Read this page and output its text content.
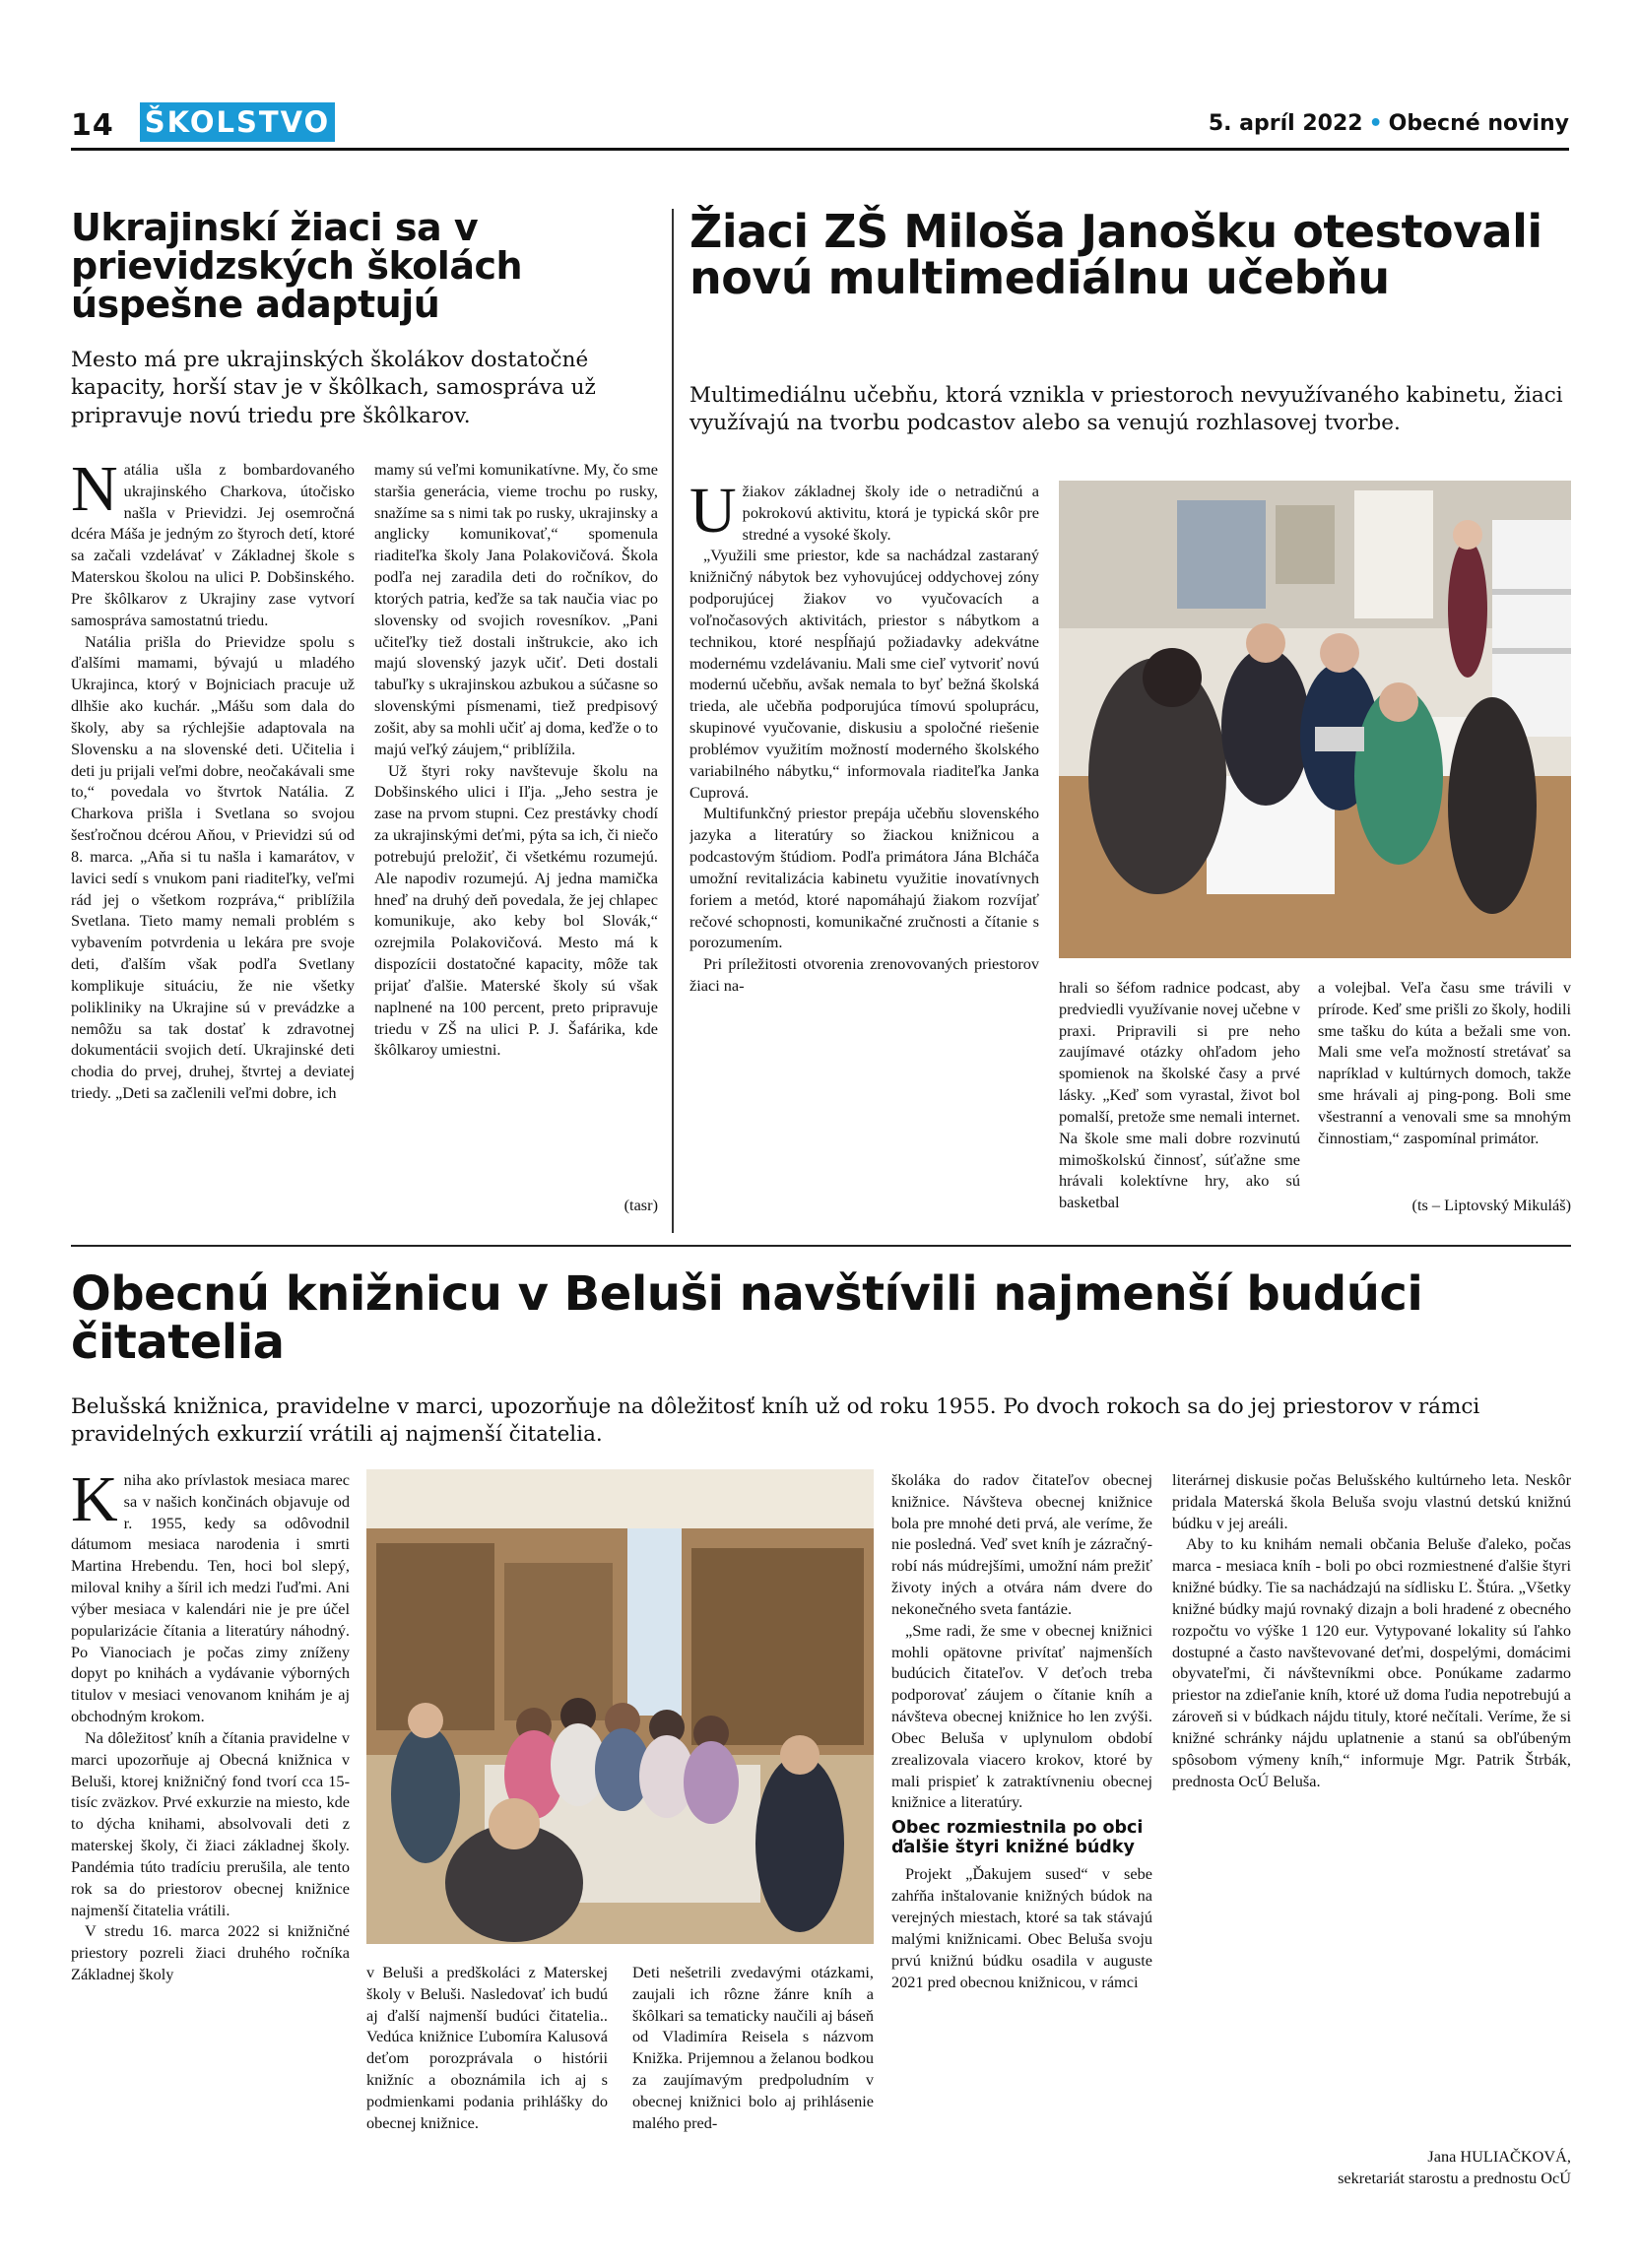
14 ŠKOLSTVO	5. apríl 2022 • Obecné noviny
Ukrajinskí žiaci sa v prievidzských školách úspešne adaptujú
Mesto má pre ukrajinských školákov dostatočné kapacity, horší stav je v škôlkach, samospráva už pripravuje novú triedu pre škôlkarov.
N atália ušla z bombardovaného ukrajinského Charkova, útočisko našla v Prievidzi. Jej osemročná dcéra Máša je jedným zo štyroch detí, ktoré sa začali vzdelávať v Základnej škole s Materskou školou na ulici P. Dobšinského. Pre škôlkarov z Ukrajiny zase vytvorí samospráva samostatnú triedu.

Natália prišla do Prievidze spolu s ďalšími mamami, bývajú u mladého Ukrajinca, ktorý v Bojniciach pracuje už dlhšie ako kuchár. „Mášu som dala do školy, aby sa rýchlejšie adaptovala na Slovensku a na slovenské deti. Učitelia i deti ju prijali veľmi dobre, neočakávali sme to,“ povedala vo štvrtok Natália. Z Charkova prišla i Svetlana so svojou šesťročnou dcérou Aňou, v Prievidzi sú od 8. marca. „Aňa si tu našla i kamarátov, v lavici sedí s vnukom pani riaditeľky, veľmi rád jej o všetkom rozpráva,“ priblížila Svetlana. Tieto mamy nemali problém s vybavením potvrdenia u lekára pre svoje deti, ďalším však podľa Svetlany komplikuje situáciu, že nie všetky polikliniky na Ukrajine sú v prevádzke a nemôžu sa tak dostať k zdravotnej dokumentácii svojich detí. Ukrajinské deti chodia do prvej, druhej, štvrtej a deviatej triedy. „Deti sa začlenili veľmi dobre, ich

mamy sú veľmi komunikatívne. My, čo sme staršia generácia, vieme trochu po rusky, snažíme sa s nimi tak po rusky, ukrajinsky a anglicky komunikovať,“ spomenula riaditeľka školy Jana Polakovičová. Škola podľa nej zaradila deti do ročníkov, do ktorých patria, keďže sa tak naučia viac po slovensky od svojich rovesníkov. „Pani učiteľky tiež dostali inštrukcie, ako ich majú slovenský jazyk učiť. Deti dostali tabuľky s ukrajinskou azbukou a súčasne so slovenskými písmenami, tiež predpisový zošit, aby sa mohli učiť aj doma, keďže o to majú veľký záujem,“ priblížila.

Už štyri roky navštevuje školu na Dobšinského ulici i Iľja. „Jeho sestra je zase na prvom stupni. Cez prestávky chodí za ukrajinskými deťmi, pýta sa ich, či niečo potrebujú preložiť, či všetkému rozumejú. Ale napodiv rozumejú. Aj jedna mamička hneď na druhý deň povedala, že jej chlapec komunikuje, ako keby bol Slovák,“ ozrejmila Polakovičová. Mesto má k dispozícii dostatočné kapacity, môže tak prijať ďalšie. Materské školy sú však naplnené na 100 percent, preto pripravuje triedu v ZŠ na ulici P. J. Šafárika, kde škôlkaroy umiestni.

(tasr)
Žiaci ZŠ Miloša Janošku otestovali novú multimediálnu učebňu
Multimediálnu učebňu, ktorá vznikla v priestoroch nevyužívaného kabinetu, žiaci využívajú na tvorbu podcastov alebo sa venujú rozhlasovej tvorbe.
U žiakov základnej školy ide o netradičnú a pokrokovú aktivitu, ktorá je typická skôr pre stredné a vysoké školy.

„Využili sme priestor, kde sa nachádzal zastaraný knižničný nábytok bez vyhovujúcej oddychovej zóny podporujúcej žiakov vo vyučovacích a voľnočasových aktivitách, priestor s nábytkom a technikou, ktoré nespĺňajú požiadavky adekvátne modernému vzdelávaniu. Mali sme cieľ vytvoriť novú modernú učebňu, avšak nemala to byť bežná školská trieda, ale učebňa podporujúca tímovú spoluprácu, skupinové vyučovanie, diskusiu a spoločné riešenie problémov využitím možností moderného školského variabilného nábytku,“ informovala riaditeľka Janka Cuprová.

Multifunkčný priestor prepája učebňu slovenského jazyka a literatúry so žiackou knižnicou a podcastovým štúdiom. Podľa primátora Jána Blcháča umožní revitalizácia kabinetu využitie inovatívnych foriem a metód, ktoré napomáhajú žiakom rozvíjať rečové schopnosti, komunikačné zručnosti a čítanie s porozumením.

Pri príležitosti otvorenia zrenovovaných priestorov žiaci na-	hrali so šéfom radnice podcast, aby predviedli využívanie novej učebne v praxi. Pripravili si pre neho zaujímavé otázky ohľadom jeho spomienok na školské časy a prvé lásky. „Keď som vyrastal, život bol pomalší, pretože sme nemali internet. Na škole sme mali dobre rozvinutú mimoškolskú činnosť, súťažne sme hrávali kolektívne hry, ako sú basketbal

a volejbal. Veľa času sme trávili v prírode. Keď sme prišli zo školy, hodili sme tašku do kúta a bežali sme von. Mali sme veľa možností stretávať sa napríklad v kultúrnych domoch, takže sme hrávali aj ping-pong. Boli sme všestranní a venovali sme sa mnohým činnostiam,“ zaspomínal primátor.

(ts – Liptovský Mikuláš)
Obecnú knižnicu v Beluši navštívili najmenší budúci čitatelia
Belušská knižnica, pravidelne v marci, upozorňuje na dôležitosť kníh už od roku 1955. Po dvoch rokoch sa do jej priestorov v rámci pravidelných exkurzií vrátili aj najmenší čitatelia.
K niha ako prívlastok mesiaca marec sa v našich končinách objavuje od r. 1955, kedy sa odôvodnil dátumom mesiaca narodenia i smrti Martina Hrebendu. Ten, hoci bol slepý, miloval knihy a šíril ich medzi ľuďmi. Ani výber mesiaca v kalendári nie je pre účel popularizácie čítania a literatúry náhodný. Po Vianociach je počas zimy zníženy dopyt po knihách a vydávanie výborných titulov v mesiaci venovanom knihám je aj obchodným krokom.

Na dôležitosť kníh a čítania pravidelne v marci upozorňuje aj Obecná knižnica v Beluši, ktorej knižničný fond tvorí cca 15-tisíc zväzkov. Prvé exkurzie na miesto, kde to dýcha knihami, absolvovali deti z materskej školy, či žiaci základnej školy. Pandémia túto tradíciu prerušila, ale tento rok sa do priestorov obecnej knižnice najmenší čitatelia vrátili.

V stredu 16. marca 2022 si knižničné priestory pozreli žiaci druhého ročníka Základnej školy	v Beluši a predškoláci z Materskej školy v Beluši. Nasledovať ich budú aj ďalší najmenší budúci čitatelia.. Vedúca knižnice Ľubomíra Kalusová deťom porozprávala o histórii knižníc a oboznámila ich aj s podmienkami podania prihlášky do obecnej knižnice.

Deti nešetrili zvedavými otázkami, zaujali ich rôzne žánre kníh a škôlkari sa tematicky naučili aj báseň od Vladimíra Reisela s názvom Knižka. Prijemnou a želanou bodkou za zaujímavým predpoludním v obecnej knižnici bolo aj prihlásenie malého pred-

školáka do radov čitateľov obecnej knižnice. Návšteva obecnej knižnice bola pre mnohé deti prvá, ale veríme, že nie posledná. Veď svet kníh je zázračný- robí nás múdrejšími, umožní nám prežiť životy iných a otvára nám dvere do nekonečného sveta fantázie.

„Sme radi, že sme v obecnej knižnici mohli opätovne privítať najmenších budúcich čitateľov. V deťoch treba podporovať záujem o čítanie kníh a návšteva obecnej knižnice ho len zvýši. Obec Beluša v uplynulom období zrealizovala viacero krokov, ktoré by mali prispieť k zatraktívneniu obecnej knižnice a literatúry.

Obec rozmiestnila po obci ďalšie štyri knižné búdky

Projekt „Ďakujem sused“ v sebe zahŕňa inštalovanie knižných búdok na verejných miestach, ktoré sa tak stávajú malými knižnicami. Obec Beluša svoju prvú knižnú búdku osadila v auguste 2021 pred obecnou knižnicou, v rámci

literárnej diskusie počas Belušského kultúrneho leta. Neskôr pridala Materská škola Beluša svoju vlastnú detskú knižnú búdku v jej areáli.

Aby to ku knihám nemali občania Beluše ďaleko, počas marca - mesiaca kníh - boli po obci rozmiestnené ďalšie štyri knižné búdky. Tie sa nachádzajú na sídlisku Ľ. Štúra. „Všetky knižné búdky majú rovnaký dizajn a boli hradené z obecného rozpočtu vo výške 1 120 eur. Vytypované lokality sú ľahko dostupné a často navštevované deťmi, dospelými, domácimi obyvateľmi, či návštevníkmi obce. Ponúkame zadarmo priestor na zdieľanie kníh, ktoré už doma ľudia nepotrebujú a zároveň si v búdkach nájdu tituly, ktoré nečítali. Veríme, že si knižné schránky nájdu uplatnenie a stanú sa obľúbeným spôsobom výmeny kníh,“ informuje Mgr. Patrik Štrbák, prednosta OcÚ Beluša.

Jana HULIAČKOVÁ,
sekretariát starostu a prednostu OcÚ
